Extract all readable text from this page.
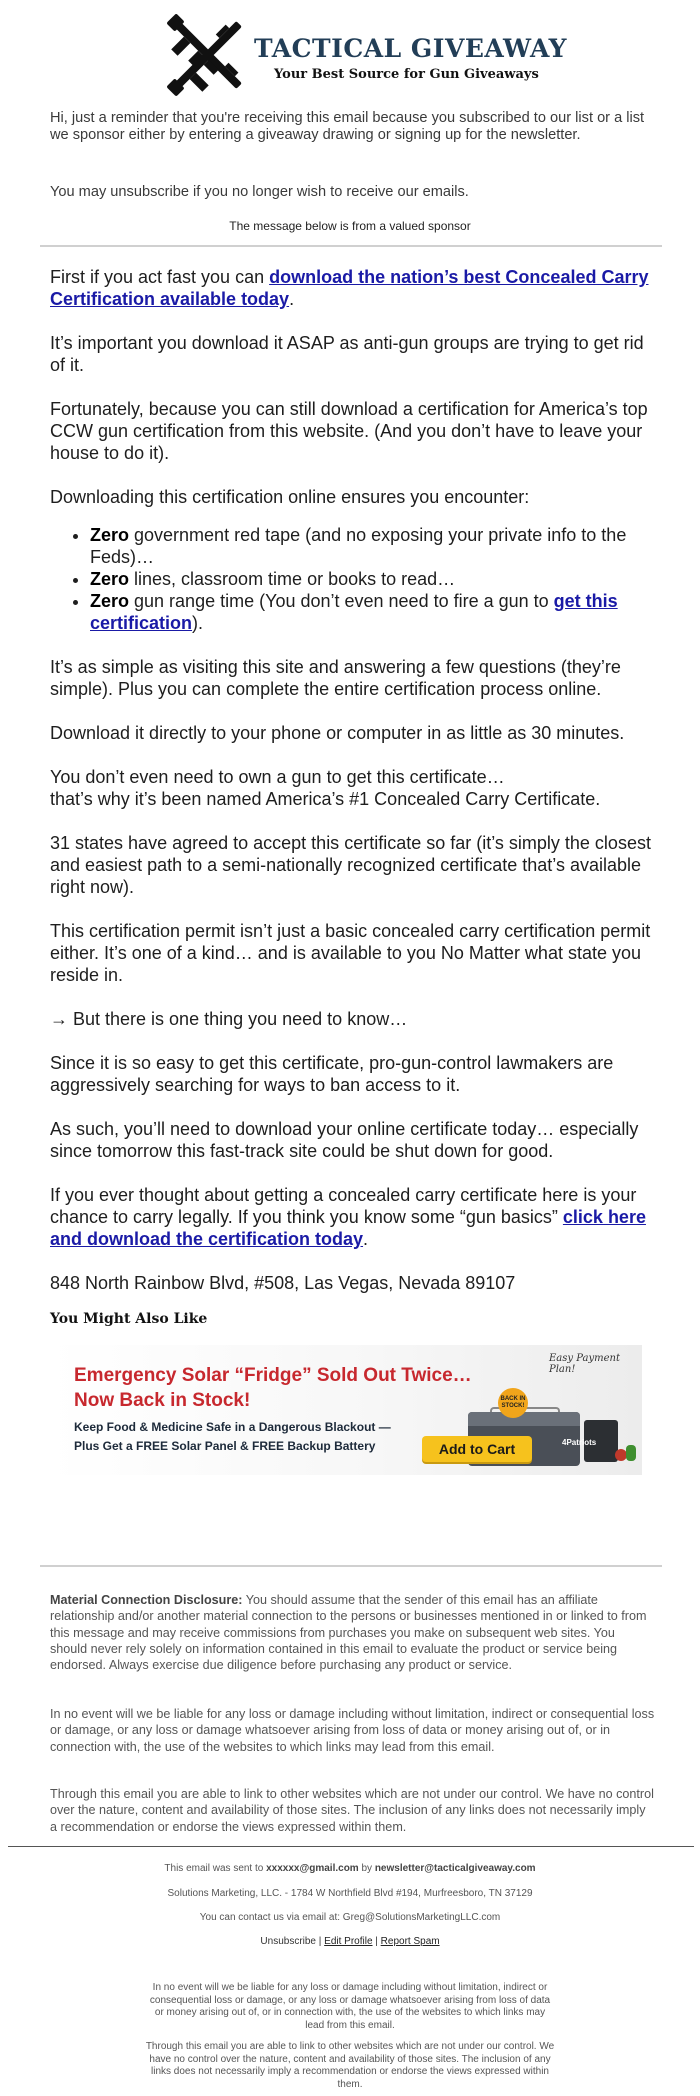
TACTICAL GIVEAWAY
Your Best Source for Gun Giveaways
Hi, just a reminder that you're receiving this email because you subscribed to our list or a list we sponsor either by entering a giveaway drawing or signing up for the newsletter.
You may unsubscribe if you no longer wish to receive our emails.
The message below is from a valued sponsor

First if you act fast you can download the nation’s best Concealed Carry Certification available today.

It’s important you download it ASAP as anti-gun groups are trying to get rid of it.

Fortunately, because you can still download a certification for America’s top CCW gun certification from this website. (And you don’t have to leave your house to do it).

Downloading this certification online ensures you encounter:

• Zero government red tape (and no exposing your private info to the Feds)…
• Zero lines, classroom time or books to read…
• Zero gun range time (You don’t even need to fire a gun to get this certification).

It’s as simple as visiting this site and answering a few questions (they’re simple). Plus you can complete the entire certification process online.

Download it directly to your phone or computer in as little as 30 minutes.

You don’t even need to own a gun to get this certificate…
that’s why it’s been named America’s #1 Concealed Carry Certificate.

31 states have agreed to accept this certificate so far (it’s simply the closest and easiest path to a semi-nationally recognized certificate that’s available right now).

This certification permit isn’t just a basic concealed carry certification permit either. It’s one of a kind… and is available to you No Matter what state you reside in.

→ But there is one thing you need to know…

Since it is so easy to get this certificate, pro-gun-control lawmakers are aggressively searching for ways to ban access to it.

As such, you’ll need to download your online certificate today… especially since tomorrow this fast-track site could be shut down for good.

If you ever thought about getting a concealed carry certificate here is your chance to carry legally. If you think you know some “gun basics” click here and download the certification today.

848 North Rainbow Blvd, #508, Las Vegas, Nevada 89107

You Might Also Like
Emergency Solar “Fridge” Sold Out Twice…
Now Back in Stock!
Keep Food & Medicine Safe in a Dangerous Blackout —
Plus Get a FREE Solar Panel & FREE Backup Battery
Easy Payment Plan!
4Patriots
BACK IN STOCK!
Add to Cart
Material Connection Disclosure: You should assume that the sender of this email has an affiliate relationship and/or another material connection to the persons or businesses mentioned in or linked to from this message and may receive commissions from purchases you make on subsequent web sites. You should never rely solely on information contained in this email to evaluate the product or service being endorsed. Always exercise due diligence before purchasing any product or service.
In no event will we be liable for any loss or damage including without limitation, indirect or consequential loss or damage, or any loss or damage whatsoever arising from loss of data or money arising out of, or in connection with, the use of the websites to which links may lead from this email.
Through this email you are able to link to other websites which are not under our control. We have no control over the nature, content and availability of those sites. The inclusion of any links does not necessarily imply a recommendation or endorse the views expressed within them.
This email was sent to xxxxxx@gmail.com by newsletter@tacticalgiveaway.com
Solutions Marketing, LLC. - 1784 W Northfield Blvd #194, Murfreesboro, TN 37129
You can contact us via email at: Greg@SolutionsMarketingLLC.com
Unsubscribe | Edit Profile | Report Spam
In no event will we be liable for any loss or damage including without limitation, indirect or consequential loss or damage, or any loss or damage whatsoever arising from loss of data or money arising out of, or in connection with, the use of the websites to which links may lead from this email.
Through this email you are able to link to other websites which are not under our control. We have no control over the nature, content and availability of those sites. The inclusion of any links does not necessarily imply a recommendation or endorse the views expressed within them.
